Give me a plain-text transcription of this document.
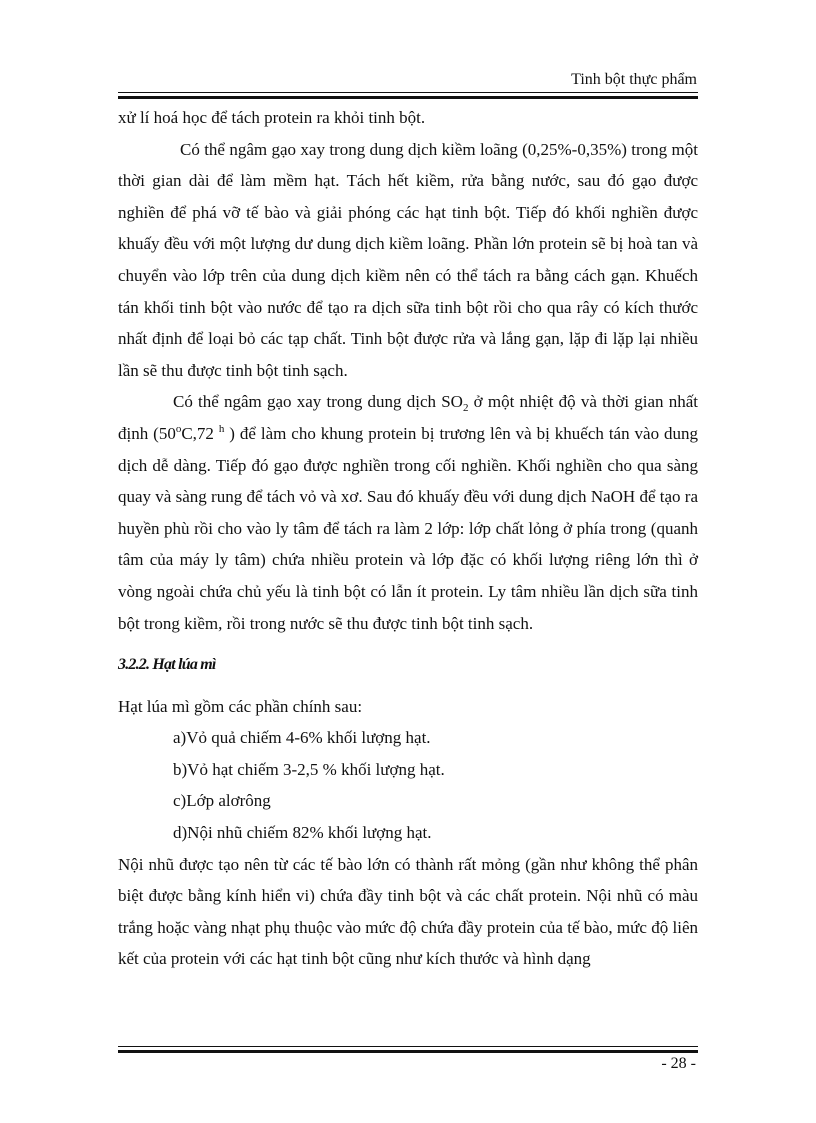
Tinh bột thực phẩm

xử lí hoá học để tách protein ra khỏi tinh bột.

Có thể ngâm gạo xay trong dung dịch kiềm loãng (0,25%-0,35%) trong một thời gian dài để làm mềm hạt. Tách hết kiềm, rửa bằng nước, sau đó gạo được nghiền để phá vỡ tế bào và giải phóng các hạt tinh bột. Tiếp đó khối nghiền được khuấy đều với một lượng dư dung dịch kiềm loãng. Phần lớn protein sẽ bị hoà tan và chuyển vào lớp trên của dung dịch kiềm nên có thể tách ra bằng cách gạn. Khuếch tán khối tinh bột vào nước để tạo ra dịch sữa tinh bột rồi cho qua rây có kích thước nhất định để loại bỏ các tạp chất. Tinh bột được rửa và lắng gạn, lặp đi lặp lại nhiều lần sẽ thu được tinh bột tinh sạch.

Có thể ngâm gạo xay trong dung dịch $SO_2$ ở một nhiệt độ và thời gian nhất định (50$^o$C,72 $^h$ ) để làm cho khung protein bị trương lên và bị khuếch tán vào dung dịch dễ dàng. Tiếp đó gạo được nghiền trong cối nghiền. Khối nghiền cho qua sàng quay và sàng rung để tách vỏ và xơ. Sau đó khuấy đều với dung dịch NaOH để tạo ra huyền phù rồi cho vào ly tâm để tách ra làm 2 lớp: lớp chất lỏng ở phía trong (quanh tâm của máy ly tâm) chứa nhiều protein và lớp đặc có khối lượng riêng lớn thì ở vòng ngoài chứa chủ yếu là tinh bột có lẫn ít protein. Ly tâm nhiều lần dịch sữa tinh bột trong kiềm, rồi trong nước sẽ thu được tinh bột tinh sạch.

3.2.2. Hạt lúa mì

Hạt lúa mì gồm các phần chính sau:

a)Vỏ quả chiếm 4-6% khối lượng hạt.

b)Vỏ hạt chiếm 3-2,5 % khối lượng hạt.

c)Lớp alơrông

d)Nội nhũ chiếm 82% khối lượng hạt.

Nội nhũ được tạo nên từ các tế bào lớn có thành rất mỏng (gần như không thể phân biệt được bằng kính hiển vi) chứa đầy tinh bột và các chất protein. Nội nhũ có màu trắng hoặc vàng nhạt phụ thuộc vào mức độ chứa đầy protein của tế bào, mức độ liên kết của protein với các hạt tinh bột cũng như kích thước và hình dạng

- 28 -
